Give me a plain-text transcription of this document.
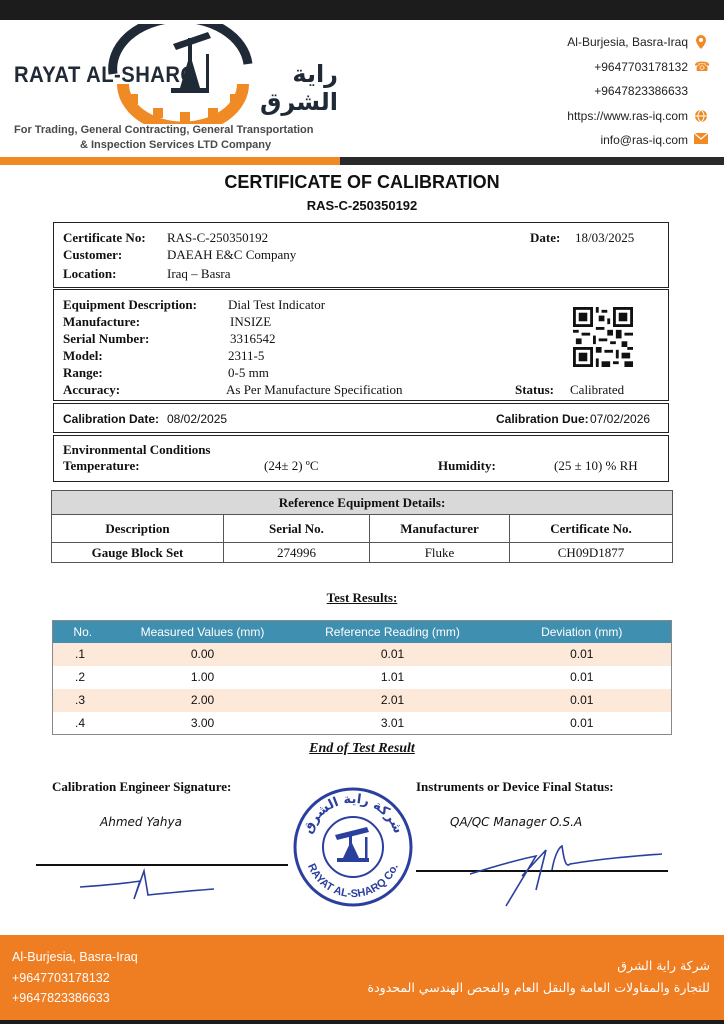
RAYAT AL-SHARQ	راية الشرق
For Trading, General Contracting, General Transportation
& Inspection Services LTD Company
Al-Burjesia, Basra-Iraq
+9647703178132 ☎
+9647823386633
https://www.ras-iq.com
info@ras-iq.com
CERTIFICATE OF CALIBRATION
RAS-C-250350192
Certificate No: RAS-C-250350192	Date: 18/03/2025
Customer:	DAEAH E&C Company
Location:	Iraq – Basra
Equipment Description: Dial Test Indicator
Manufacture:	INSIZE
Serial Number:	3316542
Model:	2311-5
Range:	0-5 mm
Accuracy:	As Per Manufacture Specification	Status: Calibrated
Calibration Date: 08/02/2025	Calibration Due: 07/02/2026
Environmental Conditions
Temperature:	(24± 2) ºC	Humidity:	(25 ± 10) % RH
Reference Equipment Details:			
Description	Serial No.	Manufacturer	Certificate No.
Gauge Block Set	274996	Fluke	CH09D1877
Test Results:
No.	Measured Values (mm)	Reference Reading (mm)	Deviation (mm)
.1	0.00	0.01	0.01
.2	1.00	1.01	0.01
.3	2.00	2.01	0.01
.4	3.00	3.01	0.01
End of Test Result
Calibration Engineer Signature:	Instruments or Device Final Status:
Ahmed Yahya	QA/QC Manager O.S.A
شركة راية الشرق
RAYAT AL-SHARQ Co.
Al-Burjesia, Basra-Iraq
+9647703178132
+9647823386633
شركة راية الشرق
للتجارة والمقاولات العامة والنقل العام والفحص الهندسي المحدودة
